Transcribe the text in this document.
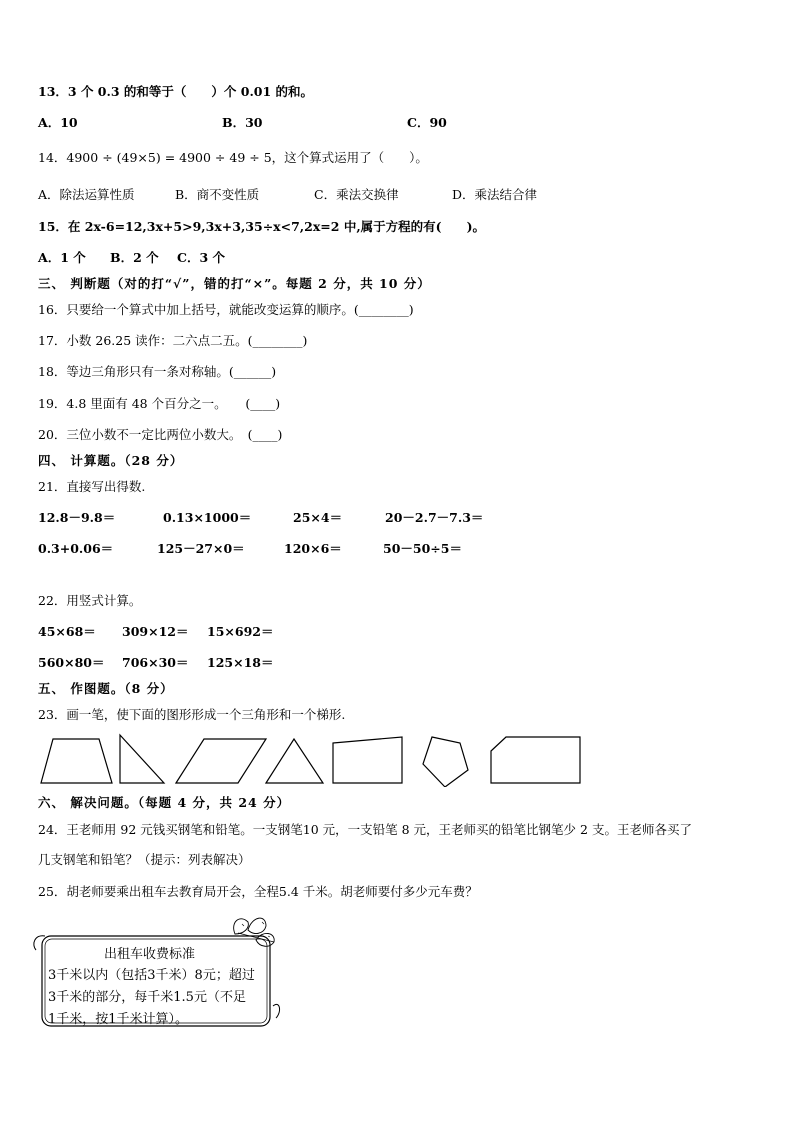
13．3 个 0.3 的和等于（　　）个 0.01 的和。
A．10	B．30	C．90
14．4900 ÷ (49×5) = 4900 ÷ 49 ÷ 5，这个算式运用了（　　）。
A．除法运算性质	B．商不变性质	C．乘法交换律	D．乘法结合律
15．在 2x-6=12,3x+5>9,3x+3,35÷x<7,2x=2 中,属于方程的有(　　)。
A．1 个 B．2 个 C．3 个
三、 判断题（对的打“√”，错的打“×”。每题 2 分，共 10 分）
16．只要给一个算式中加上括号，就能改变运算的顺序。(________)
17．小数 26.25 读作：二六点二五。(________)
18．等边三角形只有一条对称轴。(______)
19．4.8 里面有 48 个百分之一。　　(____)
20．三位小数不一定比两位小数大。　(____)
四、 计算题。（28 分）
21．直接写出得数.
12.8－9.8＝	0.13×1000＝	25×4＝	20－2.7－7.3＝
0.3+0.06＝	125－27×0＝	120×6＝	50－50÷5＝
22．用竖式计算。
45×68＝ 309×12＝ 15×692＝
560×80＝ 706×30＝ 125×18＝
五、 作图题。（8 分）
23．画一笔，使下面的图形形成一个三角形和一个梯形.
六、 解决问题。（每题 4 分，共 24 分）
24．王老师用 92 元钱买钢笔和铅笔。一支钢笔10 元，一支铅笔 8 元，王老师买的铅笔比钢笔少 2 支。王老师各买了
几支钢笔和铅笔？（提示：列表解决）
25．胡老师要乘出租车去教育局开会，全程5.4 千米。胡老师要付多少元车费？
出租车收费标准
3千米以内（包括3千米）8元；超过
3千米的部分，每千米1.5元（不足
1千米，按1千米计算）。
